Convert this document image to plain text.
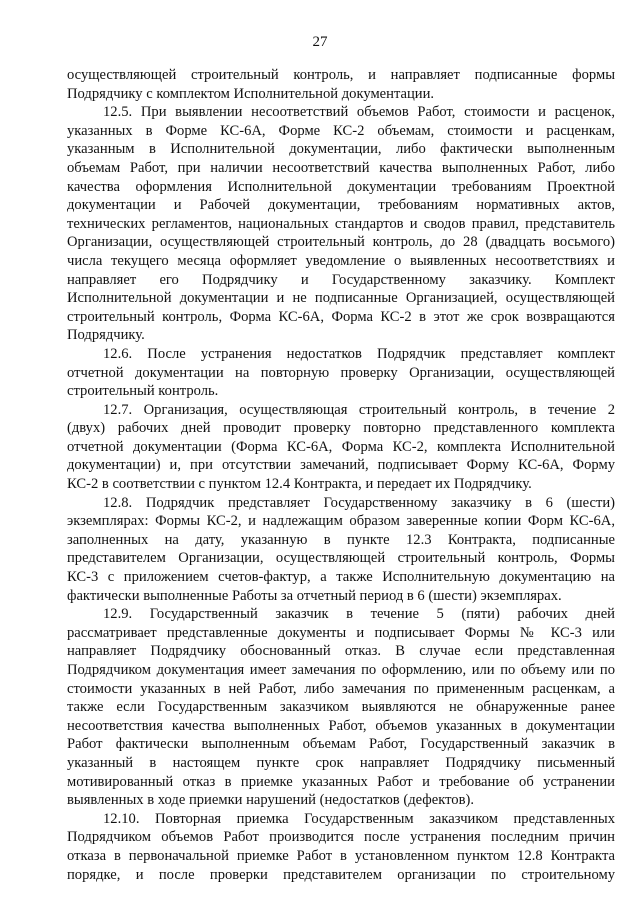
27
осуществляющей строительный контроль, и направляет подписанные формы
Подрядчику с комплектом Исполнительной документации.
12.5. При выявлении несоответствий объемов Работ, стоимости и расценок,
указанных в Форме КС-6А, Форме КС-2 объемам, стоимости и расценкам,
указанным в Исполнительной документации, либо фактически выполненным
объемам Работ, при наличии несоответствий качества выполненных Работ, либо
качества оформления Исполнительной документации требованиям Проектной
документации и Рабочей документации, требованиям нормативных актов,
технических регламентов, национальных стандартов и сводов правил, представитель
Организации, осуществляющей строительный контроль, до 28 (двадцать восьмого)
числа текущего месяца оформляет уведомление о выявленных несоответствиях и
направляет его Подрядчику и Государственному заказчику. Комплект
Исполнительной документации и не подписанные Организацией, осуществляющей
строительный контроль, Форма КС-6А, Форма КС-2 в этот же срок возвращаются
Подрядчику.
12.6. После устранения недостатков Подрядчик представляет комплект
отчетной документации на повторную проверку Организации, осуществляющей
строительный контроль.
12.7. Организация, осуществляющая строительный контроль, в течение 2
(двух) рабочих дней проводит проверку повторно представленного комплекта
отчетной документации (Форма КС-6А, Форма КС-2, комплекта Исполнительной
документации) и, при отсутствии замечаний, подписывает Форму КС-6А, Форму
КС-2 в соответствии с пунктом 12.4 Контракта, и передает их Подрядчику.
12.8. Подрядчик представляет Государственному заказчику в 6 (шести)
экземплярах: Формы КС-2, и надлежащим образом заверенные копии Форм КС-6А,
заполненных на дату, указанную в пункте 12.3 Контракта, подписанные
представителем Организации, осуществляющей строительный контроль, Формы
КС-3 с приложением счетов-фактур, а также Исполнительную документацию на
фактически выполненные Работы за отчетный период в 6 (шести) экземплярах.
12.9. Государственный заказчик в течение 5 (пяти) рабочих дней
рассматривает представленные документы и подписывает Формы № КС-3 или
направляет Подрядчику обоснованный отказ. В случае если представленная
Подрядчиком документация имеет замечания по оформлению, или по объему или по
стоимости указанных в ней Работ, либо замечания по примененным расценкам, а
также если Государственным заказчиком выявляются не обнаруженные ранее
несоответствия качества выполненных Работ, объемов указанных в документации
Работ фактически выполненным объемам Работ, Государственный заказчик в
указанный в настоящем пункте срок направляет Подрядчику письменный
мотивированный отказ в приемке указанных Работ и требование об устранении
выявленных в ходе приемки нарушений (недостатков (дефектов).
12.10. Повторная приемка Государственным заказчиком представленных
Подрядчиком объемов Работ производится после устранения последним причин
отказа в первоначальной приемке Работ в установленном пунктом 12.8 Контракта
порядке, и после проверки представителем организации по строительному
